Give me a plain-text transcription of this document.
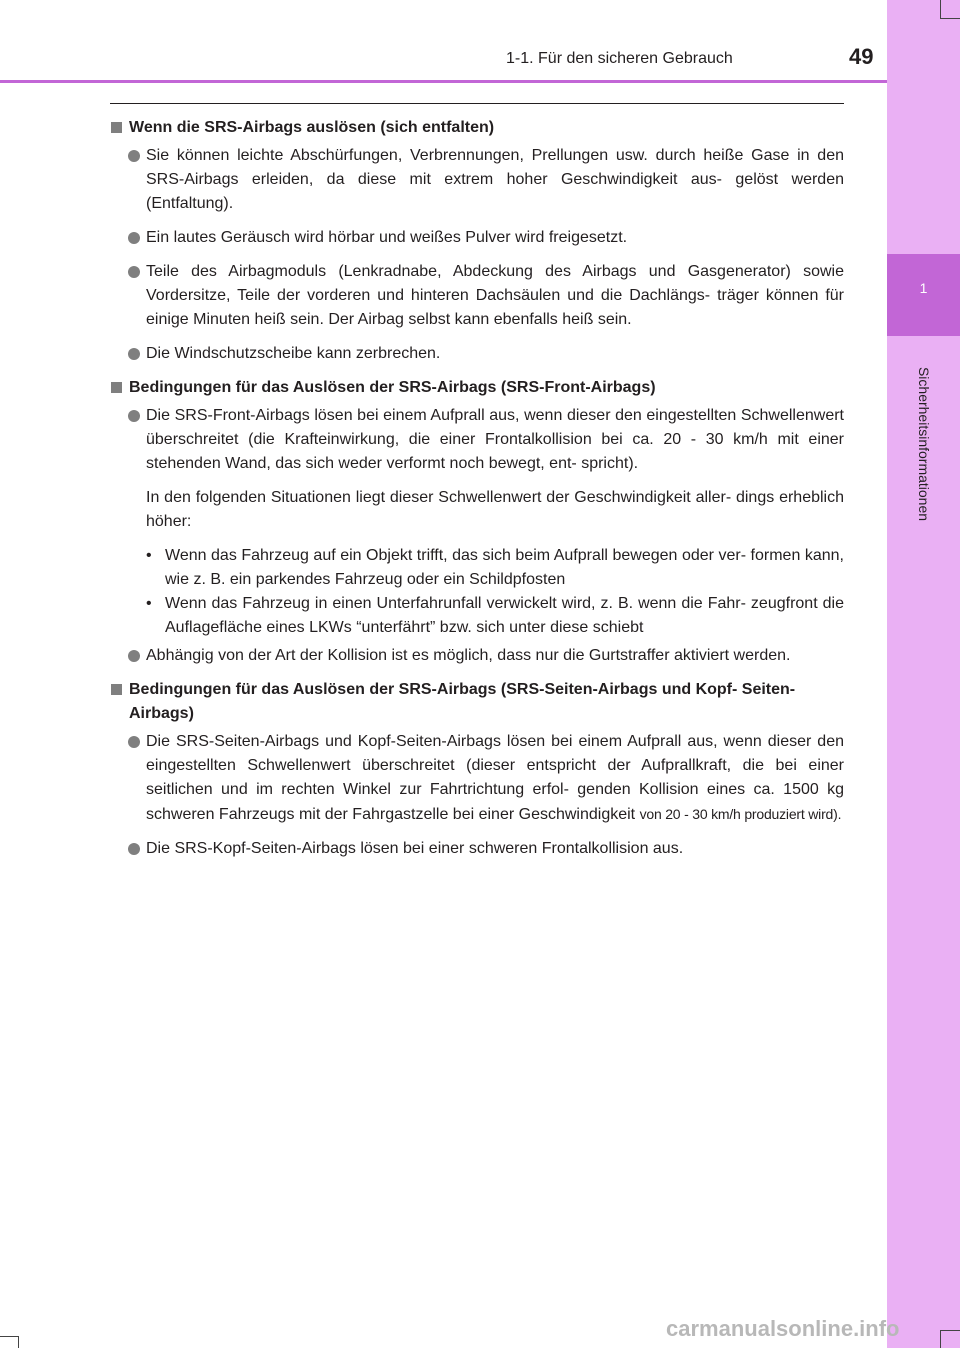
1
Sicherheitsinformationen
1-1. Für den sicheren Gebrauch	49
Wenn die SRS-Airbags auslösen (sich entfalten)
Sie können leichte Abschürfungen, Verbrennungen, Prellungen usw. durch heiße Gase in den SRS-Airbags erleiden, da diese mit extrem hoher Geschwindigkeit aus- gelöst werden (Entfaltung).
Ein lautes Geräusch wird hörbar und weißes Pulver wird freigesetzt.
Teile des Airbagmoduls (Lenkradnabe, Abdeckung des Airbags und Gasgenerator) sowie Vordersitze, Teile der vorderen und hinteren Dachsäulen und die Dachlängs- träger können für einige Minuten heiß sein. Der Airbag selbst kann ebenfalls heiß sein.
Die Windschutzscheibe kann zerbrechen.
Bedingungen für das Auslösen der SRS-Airbags (SRS-Front-Airbags)
Die SRS-Front-Airbags lösen bei einem Aufprall aus, wenn dieser den eingestellten Schwellenwert überschreitet (die Krafteinwirkung, die einer Frontalkollision bei ca. 20 - 30 km/h mit einer stehenden Wand, das sich weder verformt noch bewegt, ent- spricht).
In den folgenden Situationen liegt dieser Schwellenwert der Geschwindigkeit aller- dings erheblich höher:
• Wenn das Fahrzeug auf ein Objekt trifft, das sich beim Aufprall bewegen oder ver- formen kann, wie z. B. ein parkendes Fahrzeug oder ein Schildpfosten
• Wenn das Fahrzeug in einen Unterfahrunfall verwickelt wird, z. B. wenn die Fahr- zeugfront die Auflagefläche eines LKWs “unterfährt” bzw. sich unter diese schiebt
Abhängig von der Art der Kollision ist es möglich, dass nur die Gurtstraffer aktiviert werden.
Bedingungen für das Auslösen der SRS-Airbags (SRS-Seiten-Airbags und Kopf- Seiten-Airbags)
Die SRS-Seiten-Airbags und Kopf-Seiten-Airbags lösen bei einem Aufprall aus, wenn dieser den eingestellten Schwellenwert überschreitet (dieser entspricht der Aufprallkraft, die bei einer seitlichen und im rechten Winkel zur Fahrtrichtung erfol- genden Kollision eines ca. 1500 kg schweren Fahrzeugs mit der Fahrgastzelle bei einer Geschwindigkeit von 20 - 30 km/h produziert wird).
Die SRS-Kopf-Seiten-Airbags lösen bei einer schweren Frontalkollision aus.
carmanualsonline.info
